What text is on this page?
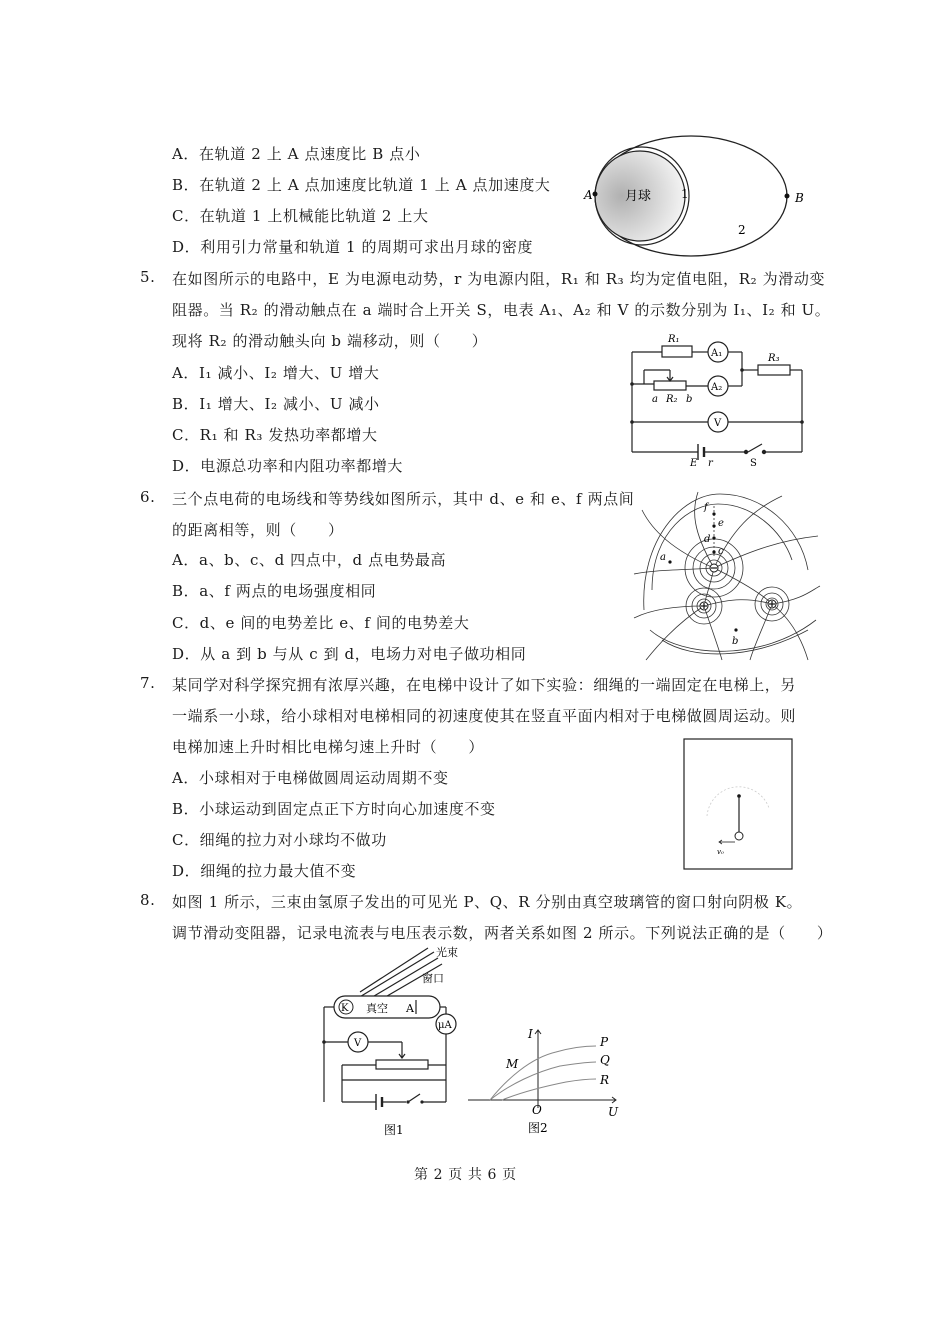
A．在轨道 2 上 A 点速度比 B 点小
B．在轨道 2 上 A 点加速度比轨道 1 上 A 点加速度大
C．在轨道 1 上机械能比轨道 2 上大
D．利用引力常量和轨道 1 的周期可求出月球的密度
月球
A	B
1
2
5. 在如图所示的电路中，E 为电源电动势，r 为电源内阻，R₁ 和 R₃ 均为定值电阻，R₂ 为滑动变
阻器。当 R₂ 的滑动触点在 a 端时合上开关 S，电表 A₁、A₂ 和 V 的示数分别为 I₁、I₂ 和 U。
现将 R₂ 的滑动触头向 b 端移动，则（　　）
A．I₁ 减小、I₂ 增大、U 增大
B．I₁ 增大、I₂ 减小、U 减小
C．R₁ 和 R₃ 发热功率都增大
D．电源总功率和内阻功率都增大
R₁
A₁
A₂
R₃
a R₂ b
V
E r	S
6. 三个点电荷的电场线和等势线如图所示，其中 d、e 和 e、f 两点间
的距离相等，则（　　）
A．a、b、c、d 四点中，d 点电势最高
B．a、f 两点的电场强度相同
C．d、e 间的电势差比 e、f 间的电势差大
D．从 a 到 b 与从 c 到 d，电场力对电子做功相同
f
e
d
c
a
b
7. 某同学对科学探究拥有浓厚兴趣，在电梯中设计了如下实验：细绳的一端固定在电梯上，另
一端系一小球，给小球相对电梯相同的初速度使其在竖直平面内相对于电梯做圆周运动。则
电梯加速上升时相比电梯匀速上升时（　　）
A．小球相对于电梯做圆周运动周期不变
B．小球运动到固定点正下方时向心加速度不变
C．细绳的拉力对小球均不做功
D．细绳的拉力最大值不变
v₀
8. 如图 1 所示，三束由氢原子发出的可见光 P、Q、R 分别由真空玻璃管的窗口射向阴极 K。
调节滑动变阻器，记录电流表与电压表示数，两者关系如图 2 所示。下列说法正确的是（　　）
光束
窗口
K 真空 A
μA
V
图1
I
U
O
M
P
Q
R
图2
第 2 页 共 6 页
